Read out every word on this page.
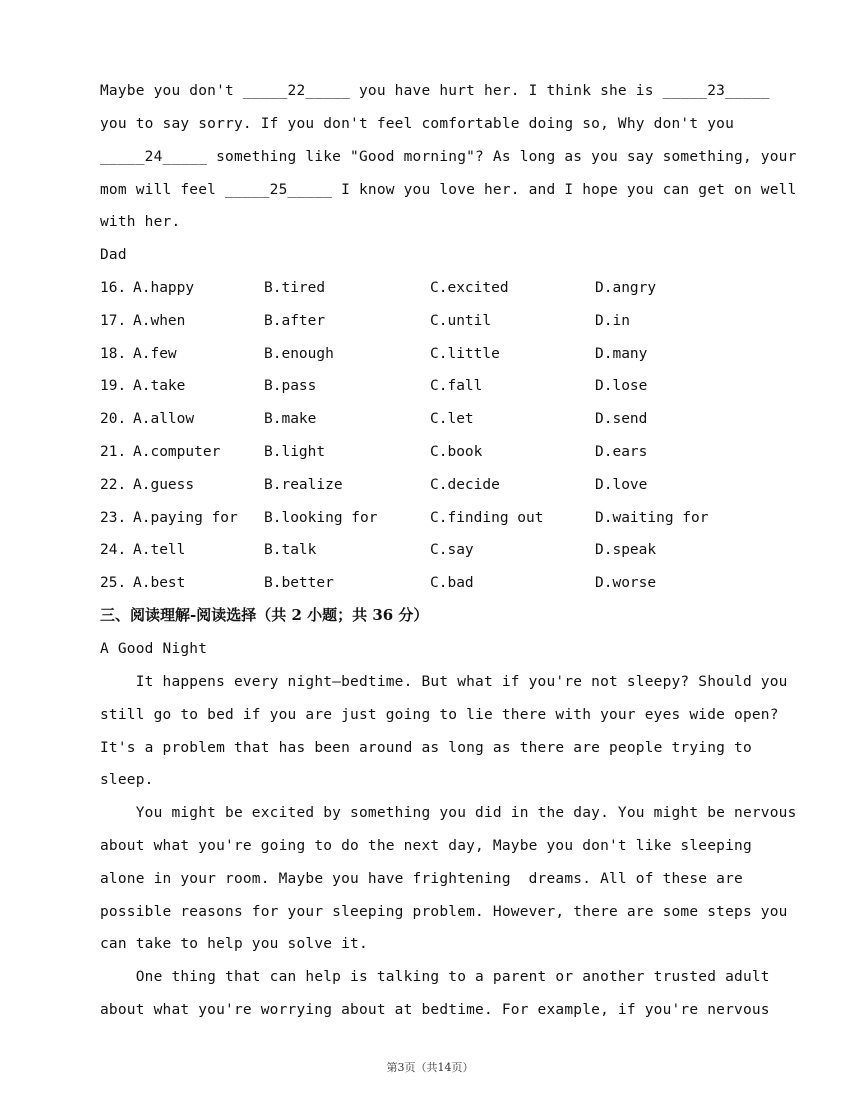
Maybe you don't _____22_____ you have hurt her. I think she is _____23_____
you to say sorry. If you don't feel comfortable doing so, Why don't you
_____24_____ something like "Good morning"? As long as you say something, your
mom will feel _____25_____ I know you love her. and I hope you can get on well
with her.
Dad
16. A.happy	B.tired	C.excited	D.angry
17. A.when	B.after	C.until	D.in
18. A.few	B.enough	C.little	D.many
19. A.take	B.pass	C.fall	D.lose
20. A.allow	B.make	C.let	D.send
21. A.computer	B.light	C.book	D.ears
22. A.guess	B.realize	C.decide	D.love
23. A.paying for B.looking for	C.finding out	D.waiting for
24. A.tell	B.talk	C.say	D.speak
25. A.best	B.better	C.bad	D.worse
三、阅读理解-阅读选择（共 2 小题；共 36 分）
A Good Night
It happens every night—bedtime. But what if you're not sleepy? Should you
still go to bed if you are just going to lie there with your eyes wide open?
It's a problem that has been around as long as there are people trying to
sleep.
You might be excited by something you did in the day. You might be nervous
about what you're going to do the next day, Maybe you don't like sleeping
alone in your room. Maybe you have frightening  dreams. All of these are
possible reasons for your sleeping problem. However, there are some steps you
can take to help you solve it.
One thing that can help is talking to a parent or another trusted adult
about what you're worrying about at bedtime. For example, if you're nervous
第3页（共14页）
